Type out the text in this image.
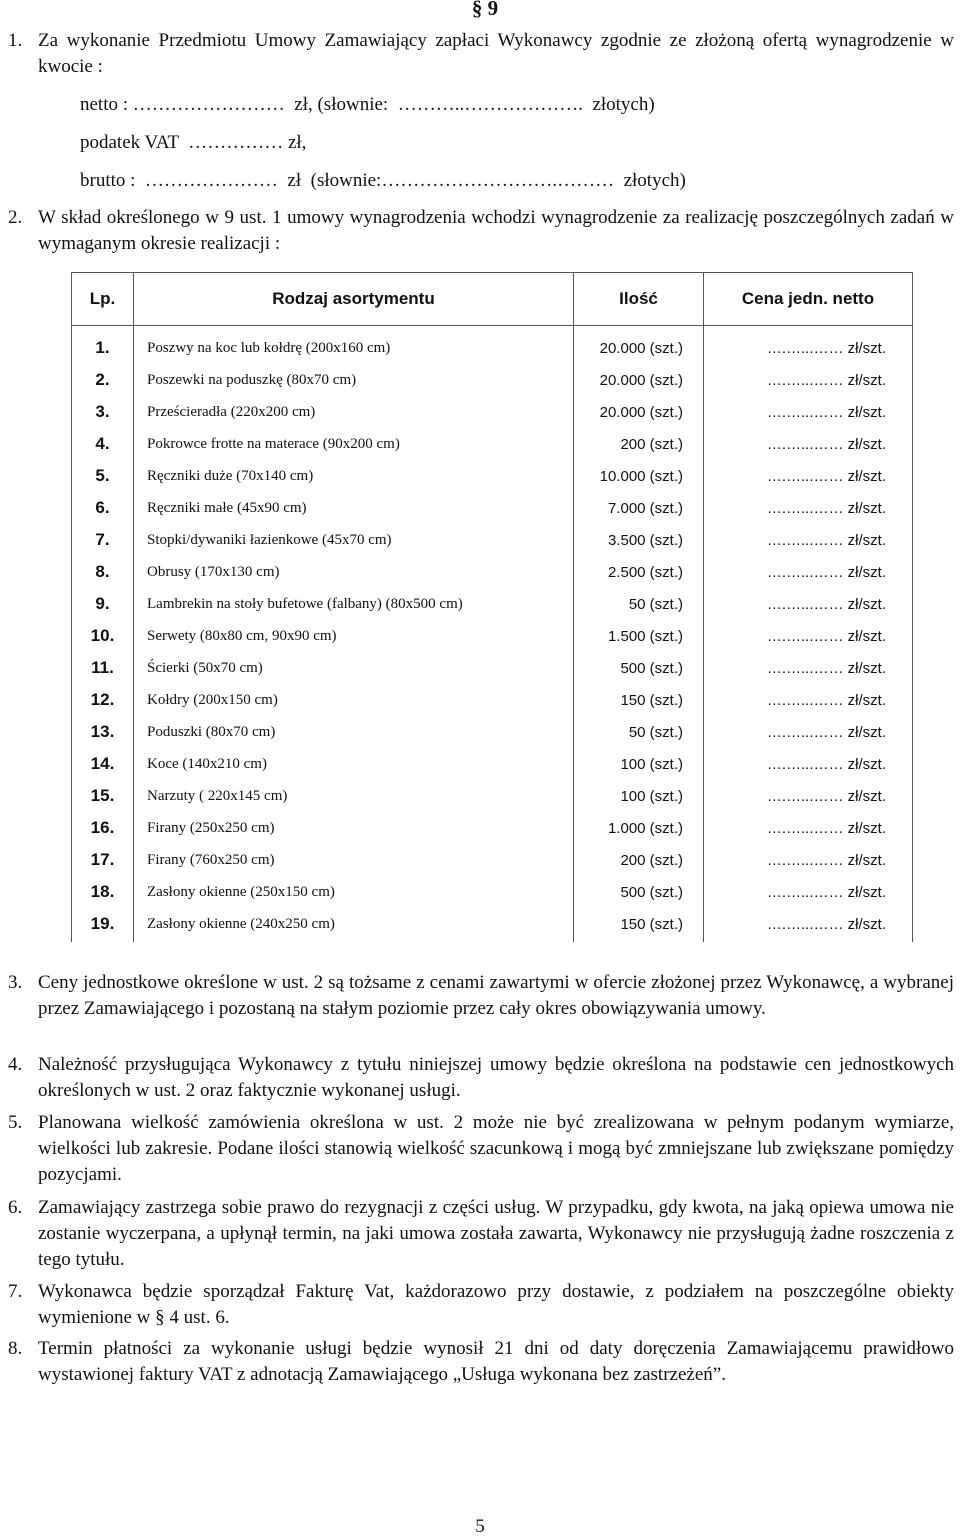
§ 9
1. Za wykonanie Przedmiotu Umowy Zamawiający zapłaci Wykonawcy zgodnie ze złożoną ofertą wynagrodzenie w kwocie :
netto : ……………………  zł, (słownie:  ………..……………….  złotych)
podatek VAT  …………… zł,
brutto :  …………………  zł  (słownie:……………………….………  złotych)
2. W skład określonego w 9 ust. 1 umowy wynagrodzenia wchodzi wynagrodzenie za realizację poszczególnych zadań w wymaganym okresie realizacji :
Lp.	Rodzaj asortymentu	Ilość	Cena jedn. netto
1.	Poszwy na koc lub kołdrę (200x160 cm)	20.000 (szt.)	….…...…… zł/szt.
2.	Poszewki na poduszkę (80x70 cm)	20.000 (szt.)	….…...…… zł/szt.
3.	Prześcieradła (220x200 cm)	20.000 (szt.)	….…...…… zł/szt.
4.	Pokrowce frotte na materace (90x200 cm)	200 (szt.)	….…...…… zł/szt.
5.	Ręczniki duże (70x140 cm)	10.000 (szt.)	….…...…… zł/szt.
6.	Ręczniki małe (45x90 cm)	7.000 (szt.)	….…...…… zł/szt.
7.	Stopki/dywaniki łazienkowe (45x70 cm)	3.500 (szt.)	….…...…… zł/szt.
8.	Obrusy (170x130 cm)	2.500 (szt.)	….…...…… zł/szt.
9.	Lambrekin na stoły bufetowe (falbany) (80x500 cm)	50 (szt.)	….…...…… zł/szt.
10.	Serwety (80x80 cm, 90x90 cm)	1.500 (szt.)	….…...…… zł/szt.
11.	Ścierki (50x70 cm)	500 (szt.)	….…...…… zł/szt.
12.	Kołdry (200x150 cm)	150 (szt.)	….…...…… zł/szt.
13.	Poduszki (80x70 cm)	50 (szt.)	….…...…… zł/szt.
14.	Koce (140x210 cm)	100 (szt.)	….…...…… zł/szt.
15.	Narzuty ( 220x145 cm)	100 (szt.)	….…...…… zł/szt.
16.	Firany (250x250 cm)	1.000 (szt.)	….…...…… zł/szt.
17.	Firany (760x250 cm)	200 (szt.)	….…...…… zł/szt.
18.	Zasłony okienne (250x150 cm)	500 (szt.)	….…...…… zł/szt.
19.	Zasłony okienne (240x250 cm)	150 (szt.)	….…...…… zł/szt.
3. Ceny jednostkowe określone w ust. 2 są tożsame z cenami zawartymi w ofercie złożonej przez Wykonawcę, a wybranej przez Zamawiającego i pozostaną na stałym poziomie przez cały okres obowiązywania umowy.
4. Należność przysługująca Wykonawcy z tytułu niniejszej umowy będzie określona na podstawie cen jednostkowych określonych w ust. 2 oraz faktycznie wykonanej usługi.
5. Planowana wielkość zamówienia określona w ust. 2 może nie być zrealizowana w pełnym podanym wymiarze, wielkości lub zakresie. Podane ilości stanowią wielkość szacunkową i mogą być zmniejszane lub zwiększane pomiędzy pozycjami.
6. Zamawiający zastrzega sobie prawo do rezygnacji z części usług. W przypadku, gdy kwota, na jaką opiewa umowa nie zostanie wyczerpana, a upłynął termin, na jaki umowa została zawarta, Wykonawcy nie przysługują żadne roszczenia z tego tytułu.
7. Wykonawca będzie sporządzał Fakturę Vat, każdorazowo przy dostawie, z podziałem na poszczególne obiekty wymienione w § 4 ust. 6.
8. Termin płatności za wykonanie usługi będzie wynosił 21 dni od daty doręczenia Zamawiającemu prawidłowo wystawionej faktury VAT z adnotacją Zamawiającego „Usługa wykonana bez zastrzeżeń”.
5
